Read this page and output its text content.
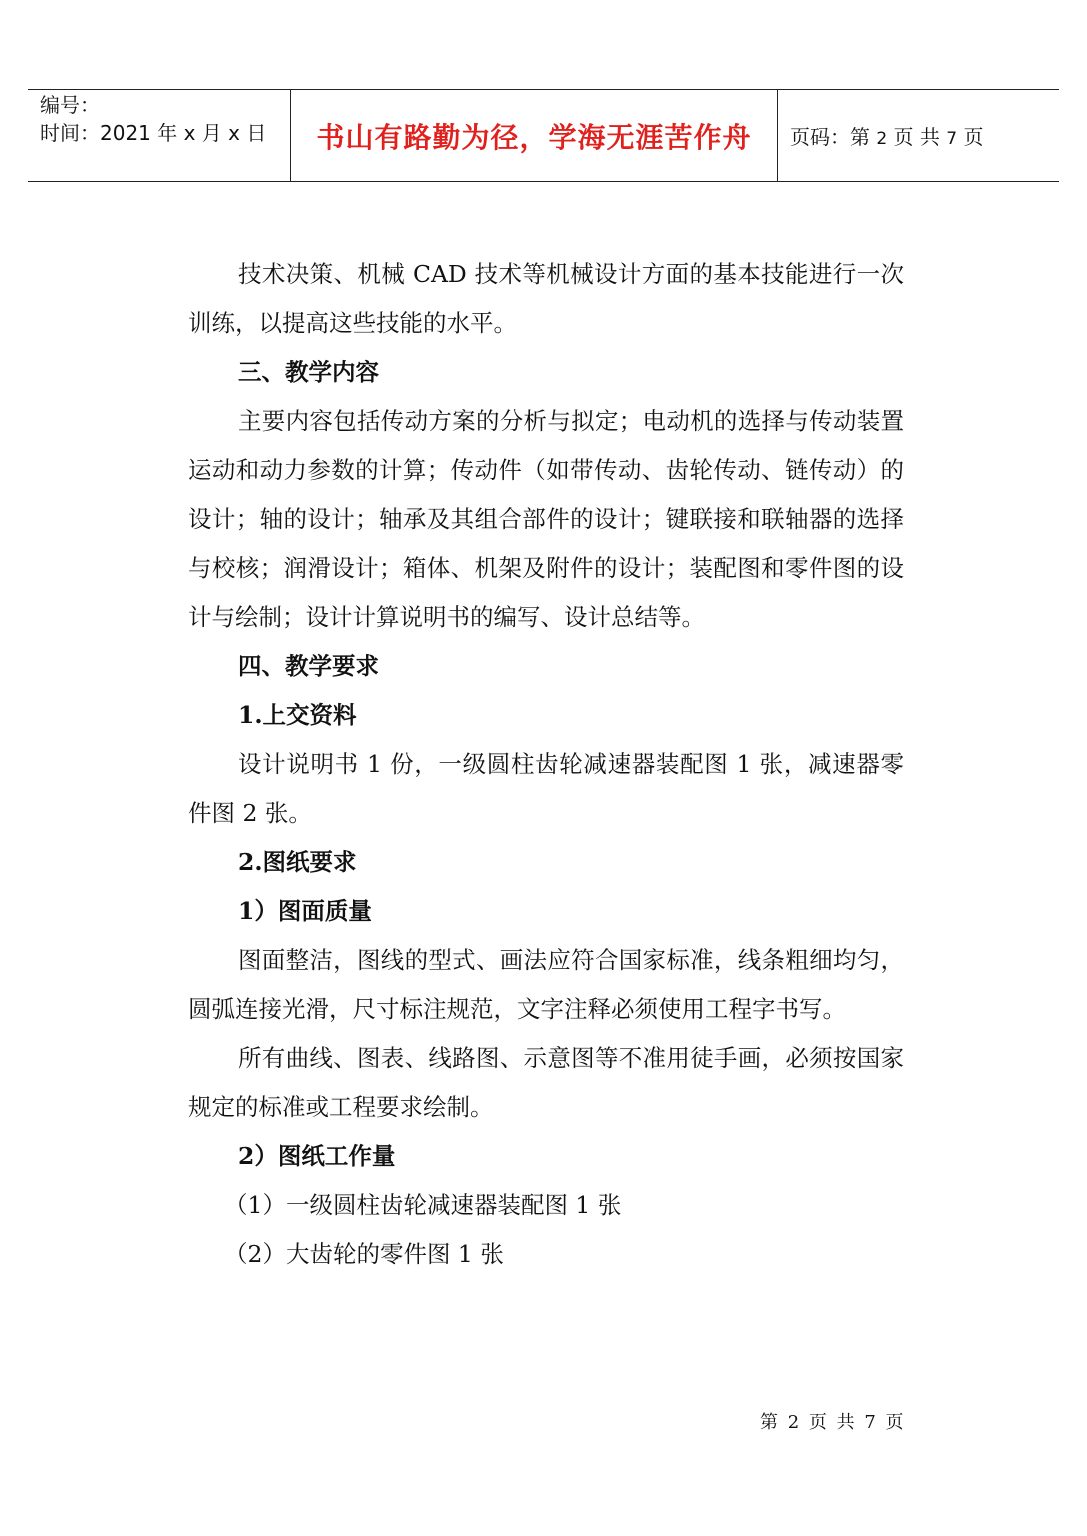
编号：
时间：2021 年 x 月 x 日 书山有路勤为径，学海无涯苦作舟 页码：第 2 页 共 7 页

技术决策、机械 CAD 技术等机械设计方面的基本技能进行一次训练，以提高这些技能的水平。

三、教学内容

主要内容包括传动方案的分析与拟定；电动机的选择与传动装置运动和动力参数的计算；传动件（如带传动、齿轮传动、链传动）的设计；轴的设计；轴承及其组合部件的设计；键联接和联轴器的选择与校核；润滑设计；箱体、机架及附件的设计；装配图和零件图的设计与绘制；设计计算说明书的编写、设计总结等。

四、教学要求

1.上交资料

设计说明书 1 份，一级圆柱齿轮减速器装配图 1 张，减速器零件图 2 张。

2.图纸要求

1）图面质量

图面整洁，图线的型式、画法应符合国家标准，线条粗细均匀，圆弧连接光滑，尺寸标注规范，文字注释必须使用工程字书写。

所有曲线、图表、线路图、示意图等不准用徒手画，必须按国家规定的标准或工程要求绘制。

2）图纸工作量

（1）一级圆柱齿轮减速器装配图 1 张

（2）大齿轮的零件图 1 张

第 2 页 共 7 页
